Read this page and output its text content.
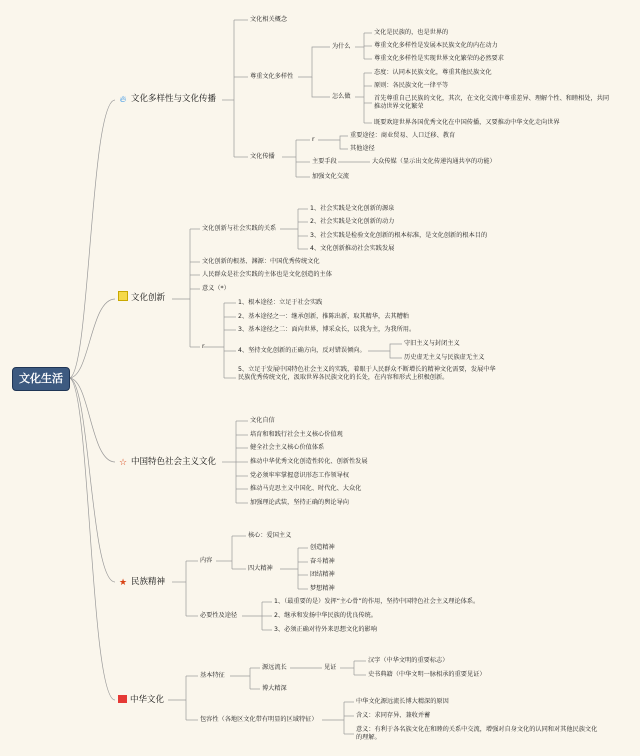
文化生活
🔥︎ 文化多样性与文化传播
文化创新
☆ 中国特色社会主义文化
★ 民族精神
中华文化
文化相关概念
尊重文化多样性
为什么
文化是民族的，也是世界的
尊重文化多样性是发展本民族文化的内在动力
尊重文化多样性是实现世界文化繁荣的必然要求
怎么做
态度：认同本民族文化，尊重其他民族文化
原则：各民族文化一律平等
首先尊重自己民族的文化，其次，在文化交流中尊重差异、理解个性、和睦相处，共同推动世界文化繁荣
既要欢迎世界各国优秀文化在中国传播，又要推动中华文化走向世界
文化传播
r
重要途径：商业贸易、人口迁移、教育
其他途径
主要手段	大众传媒（显示出文化传递沟通共享的功能）
加强文化交流
文化创新与社会实践的关系
1、社会实践是文化创新的源泉
2、社会实践是文化创新的动力
3、社会实践是检验文化创新的根本标准，是文化创新的根本目的
4、文化创新推动社会实践发展
文化创新的根基、渊源：中国优秀传统文化
人民群众是社会实践的主体也是文化创造的主体
意义（*）
r
1、根本途径：立足于社会实践
2、基本途径之一：继承创新，推陈出新，取其精华，去其糟粕
3、基本途径之二：面向世界，博采众长，以我为主，为我所用。
4、坚持文化创新的正确方向，反对错误倾向。
守旧主义与封闭主义
历史虚无主义与民族虚无主义
5、立足于发展中国特色社会主义的实践，着眼于人民群众不断增长的精神文化需要，发展中华民族优秀传统文化，汲取世界各民族文化的长处，在内容和形式上积极创新。
文化自信
培育和和践行社会主义核心价值观
健全社会主义核心价值体系
推动中华优秀文化创造性转化、创新性发展
党必须牢牢掌握意识形态工作领导权
推动马克思主义中国化、时代化、大众化
加强理论武装，坚持正确的舆论导向
内容
核心：爱国主义
四大精神
创造精神
奋斗精神
团结精神
梦想精神
必要性及途径
1、（最重要的是）发挥“主心骨”的作用，坚持中国特色社会主义理论体系。
2、继承和发扬中华民族的优良传统。
3、必须正确对待外来思想文化的影响
基本特征
源远流长	见证
汉字（中华文明的重要标志）
史书典籍（中华文明一脉相承的重要见证）
博大精深
包容性（各地区文化带有明显的区域特征）
中华文化源远流长博大精深的原因
含义：求同存异、兼收并蓄
意义：有利于各名族文化在和睦的关系中交流，增强对自身文化的认同和对其他民族文化的理解。
